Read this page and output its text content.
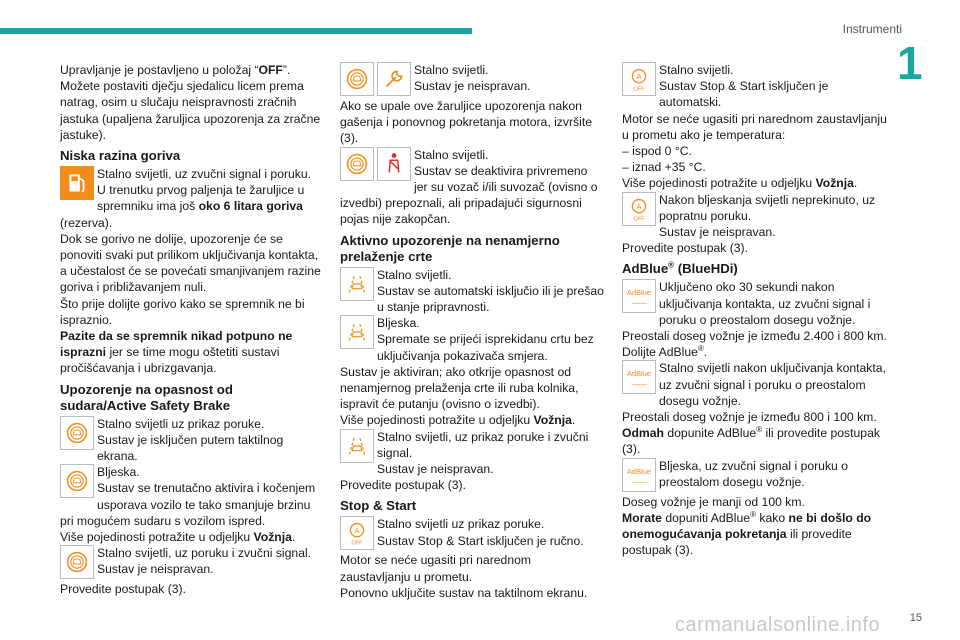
Instrumenti
1

Upravljanje je postavljeno u položaj “OFF”. Možete postaviti dječju sjedalicu licem prema natrag, osim u slučaju neispravnosti zračnih jastuka (upaljena žaruljica upozorenja za zračne jastuke).

Niska razina goriva

Stalno svijetli, uz zvučni signal i poruku. U trenutku prvog paljenja te žaruljice u spremniku ima još oko 6 litara goriva (rezerva).

Dok se gorivo ne dolije, upozorenje će se ponoviti svaki put prilikom uključivanja kontakta, a učestalost će se povećati smanjivanjem razine goriva i približavanjem nuli.

Što prije dolijte gorivo kako se spremnik ne bi ispraznio.

Pazite da se spremnik nikad potpuno ne isprazni jer se time mogu oštetiti sustavi pročišćavanja i ubrizgavanja.

Upozorenje na opasnost od sudara/Active Safety Brake

Stalno svijetli uz prikaz poruke.
Sustav je isključen putem taktilnog ekrana.

Bljeska.
Sustav se trenutačno aktivira i kočenjem usporava vozilo te tako smanjuje brzinu pri mogućem sudaru s vozilom ispred.

Više pojedinosti potražite u odjeljku Vožnja.

Stalno svijetli, uz poruku i zvučni signal.
Sustav je neispravan.

Provedite postupak (3).

Stalno svijetli.
Sustav je neispravan.

Ako se upale ove žaruljice upozorenja nakon gašenja i ponovnog pokretanja motora, izvršite (3).

Stalno svijetli.
Sustav se deaktivira privremeno jer su vozač i/ili suvozač (ovisno o izvedbi) prepoznali, ali pripadajući sigurnosni pojas nije zakopčan.

Aktivno upozorenje na nenamjerno prelaženje crte

Stalno svijetli.
Sustav se automatski isključio ili je prešao u stanje pripravnosti.

Bljeska.
Spremate se prijeći isprekidanu crtu bez uključivanja pokazivača smjera.

Sustav je aktiviran; ako otkrije opasnost od nenamjernog prelaženja crte ili ruba kolnika, ispravit će putanju (ovisno o izvedbi).

Više pojedinosti potražite u odjeljku Vožnja.

Stalno svijetli, uz prikaz poruke i zvučni signal.
Sustav je neispravan.

Provedite postupak (3).

Stop & Start
A
OFF

Stalno svijetli uz prikaz poruke.
Sustav Stop & Start isključen je ručno.

Motor se neće ugasiti pri narednom zaustavljanju u prometu.

Ponovno uključite sustav na taktilnom ekranu.

A
OFF

Stalno svijetli.
Sustav Stop & Start isključen je automatski.

Motor se neće ugasiti pri narednom zaustavljanju u prometu ako je temperatura:

– ispod 0 °C.

– iznad +35 °C.

Više pojedinosti potražite u odjeljku Vožnja.

A
OFF

Nakon bljeskanja svijetli neprekinuto, uz popratnu poruku.
Sustav je neispravan.

Provedite postupak (3).

AdBlue® (BlueHDi)
AdBlue
﹏﹏

Uključeno oko 30 sekundi nakon uključivanja kontakta, uz zvučni signal i poruku o preostalom dosegu vožnje.

Preostali doseg vožnje je između 2.400 i 800 km.

Dolijte AdBlue®.

AdBlue
﹏﹏

Stalno svijetli nakon uključivanja kontakta, uz zvučni signal i poruku o preostalom dosegu vožnje.

Preostali doseg vožnje je između 800 i 100 km.

Odmah dopunite AdBlue® ili provedite postupak (3).

AdBlue
﹏﹏

Bljeska, uz zvučni signal i poruku o preostalom dosegu vožnje.

Doseg vožnje je manji od 100 km.

Morate dopuniti AdBlue® kako ne bi došlo do onemogućavanja pokretanja ili provedite postupak (3).

carmanualsonline.info	15
